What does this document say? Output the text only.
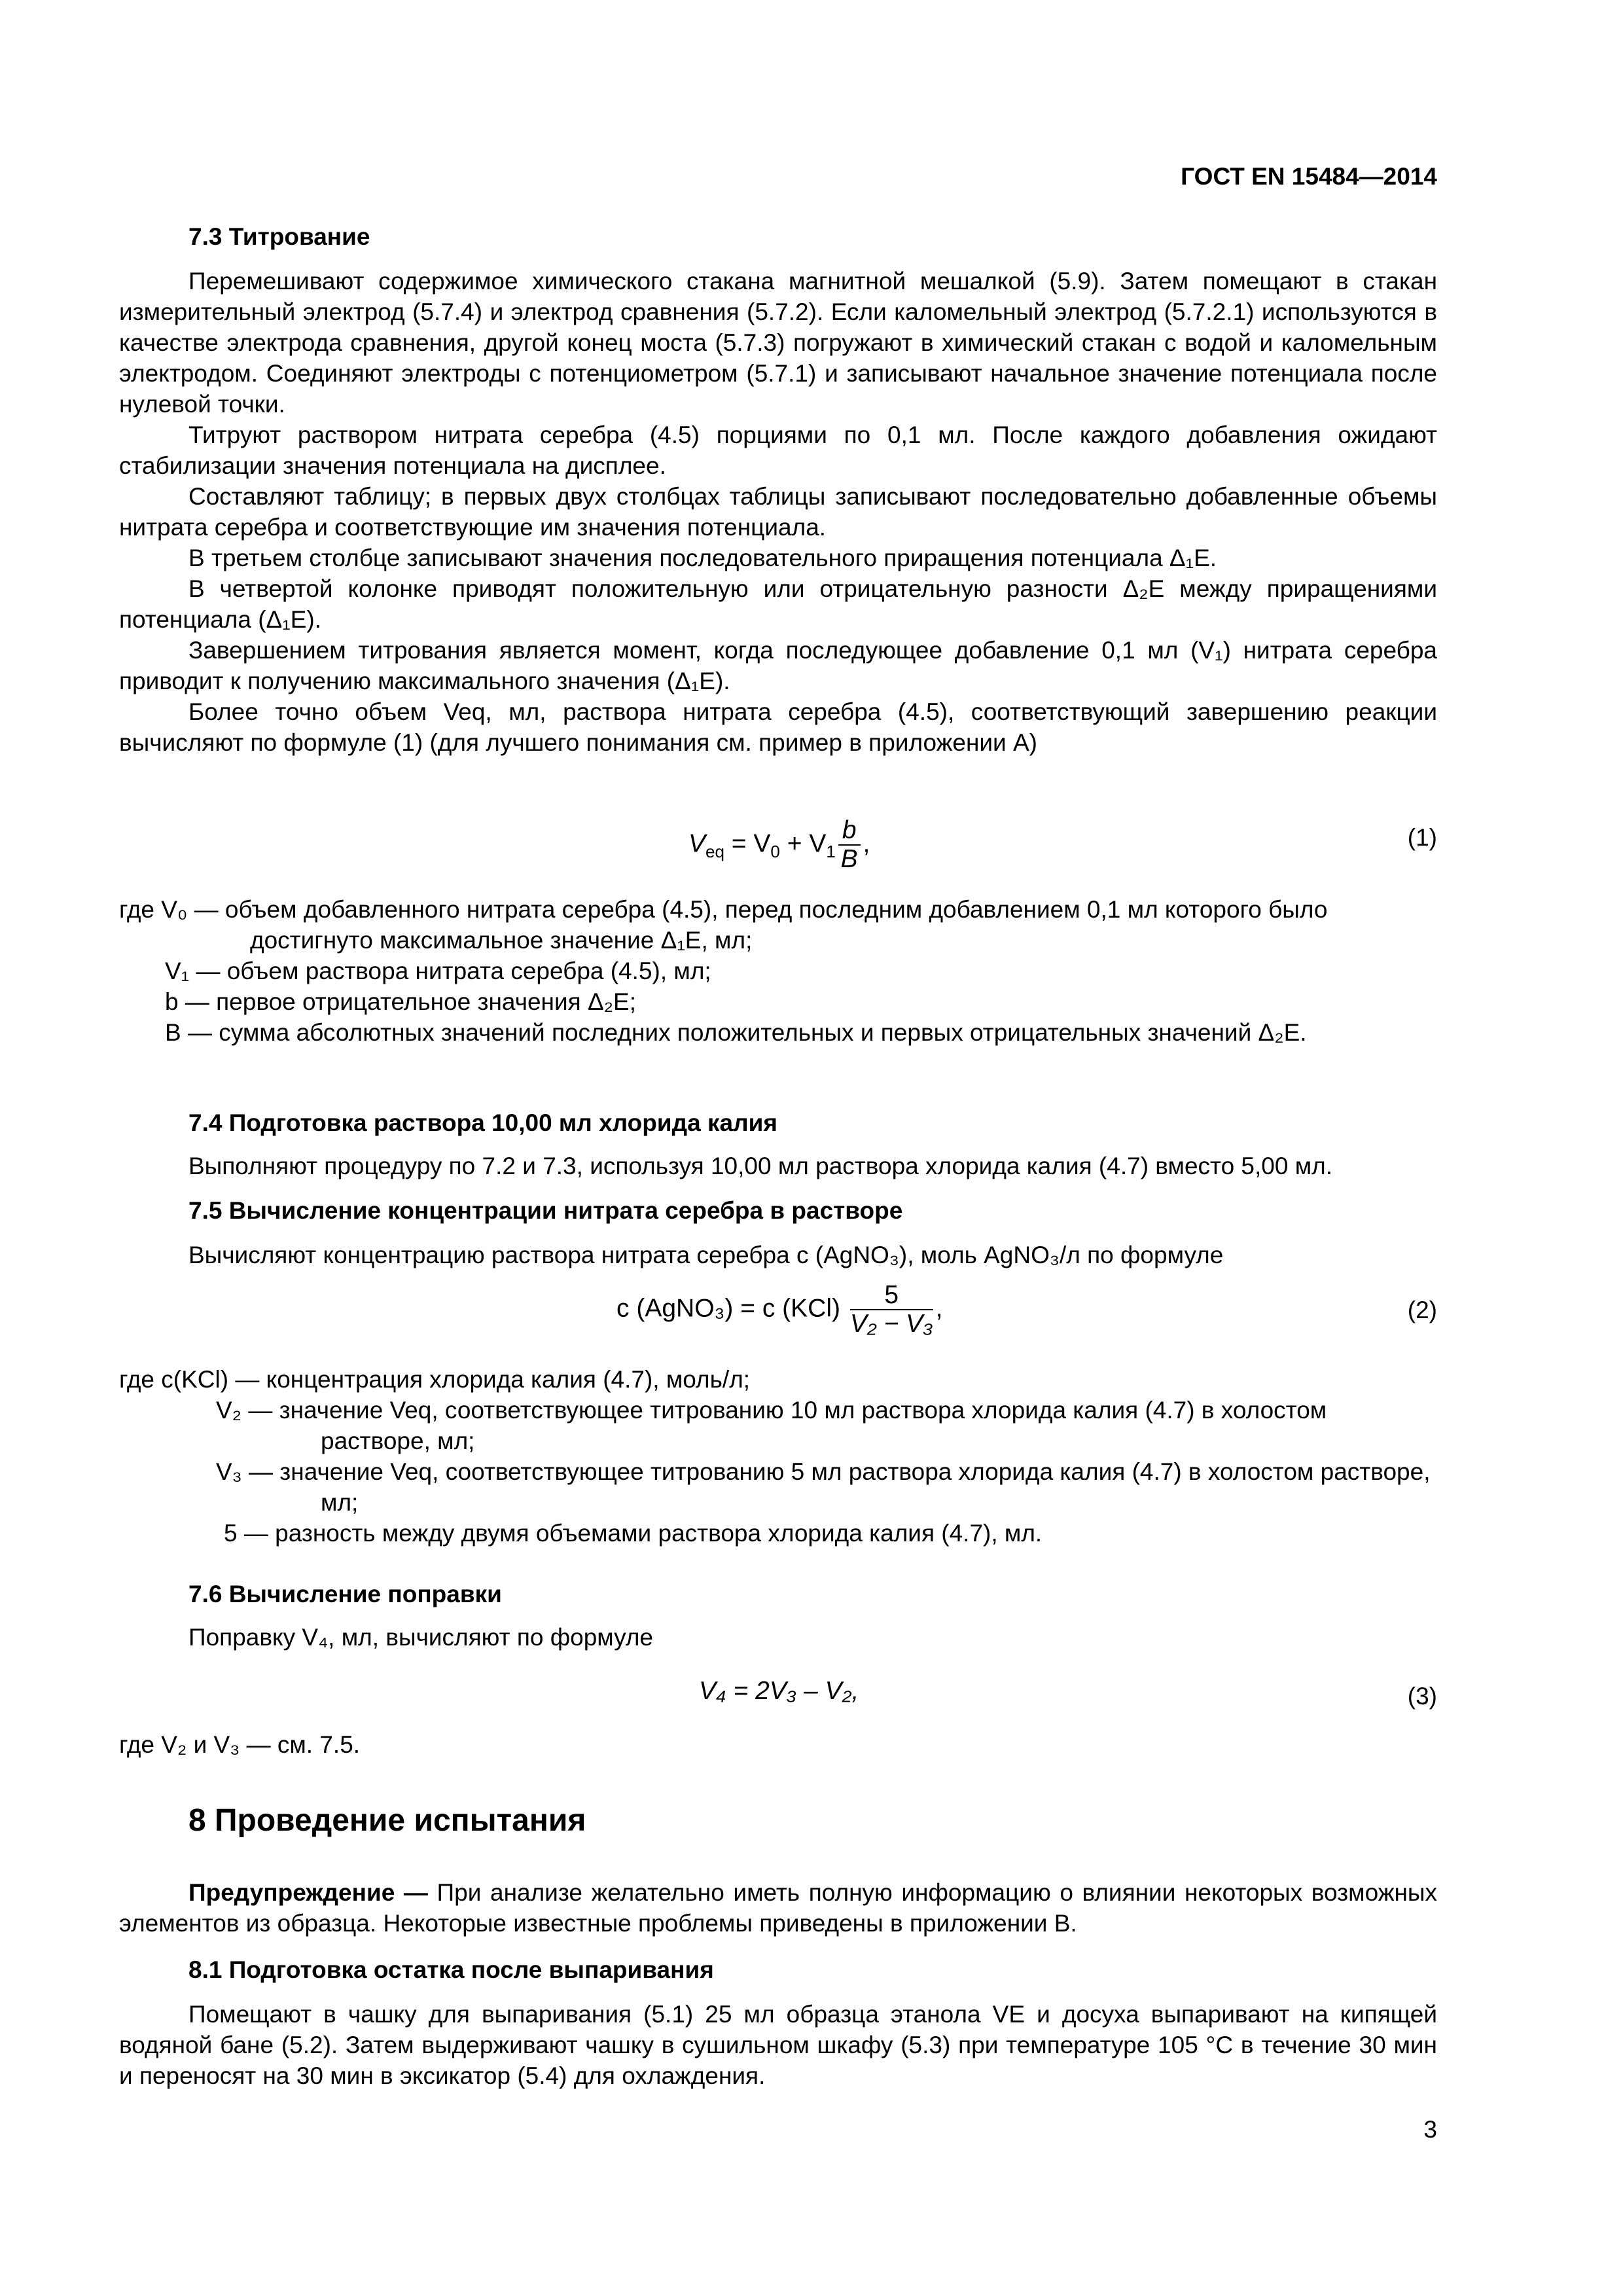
ГОСТ EN 15484—2014
7.3 Титрование

Перемешивают содержимое химического стакана магнитной мешалкой (5.9). Затем помещают в стакан измерительный электрод (5.7.4) и электрод сравнения (5.7.2). Если каломельный электрод (5.7.2.1) используются в качестве электрода сравнения, другой конец моста (5.7.3) погружают в химический стакан с водой и каломельным электродом. Соединяют электроды с потенциометром (5.7.1) и записывают начальное значение потенциала после нулевой точки.

Титруют раствором нитрата серебра (4.5) порциями по 0,1 мл. После каждого добавления ожидают стабилизации значения потенциала на дисплее.

Составляют таблицу; в первых двух столбцах таблицы записывают последовательно добавленные объемы нитрата серебра и соответствующие им значения потенциала.

В третьем столбце записывают значения последовательного приращения потенциала Δ₁E.

В четвертой колонке приводят положительную или отрицательную разности Δ₂E между приращениями потенциала (Δ₁E).

Завершением титрования является момент, когда последующее добавление 0,1 мл (V₁) нитрата серебра приводит к получению максимального значения (Δ₁E).

Более точно объем Veq, мл, раствора нитрата серебра (4.5), соответствующий завершению реакции вычисляют по формуле (1) (для лучшего понимания см. пример в приложении А)

$V_{eq} = V_0 + V_1 \frac{b}{B}$ ,	(1)
где V₀ — объем добавленного нитрата серебра (4.5), перед последним добавлением 0,1 мл которого было достигнуто максимальное значение Δ₁E, мл;
V₁ — объем раствора нитрата серебра (4.5), мл;
b — первое отрицательное значения Δ₂E;
B — сумма абсолютных значений последних положительных и первых отрицательных значений Δ₂E.
7.4 Подготовка раствора 10,00 мл хлорида калия

Выполняют процедуру по 7.2 и 7.3, используя 10,00 мл раствора хлорида калия (4.7) вместо 5,00 мл.

7.5 Вычисление концентрации нитрата серебра в растворе

Вычисляют концентрацию раствора нитрата серебра c (AgNO₃), моль AgNO₃/л по формуле

c (AgNO₃) = c $(KCl) \frac{5}{\text{V₂ − V₃}}$ ,	(2)
где c(KCl) — концентрация хлорида калия (4.7), моль/л;
V₂ — значение Veq, соответствующее титрованию 10 мл раствора хлорида калия (4.7) в холостом растворе, мл;
V₃ — значение Veq, соответствующее титрованию 5 мл раствора хлорида калия (4.7) в холостом растворе, мл;
5 — разность между двумя объемами раствора хлорида калия (4.7), мл.
7.6 Вычисление поправки

Поправку V₄, мл, вычисляют по формуле

V₄ = 2V₃ – V₂,	(3)
где V₂ и V₃ — см. 7.5.
8 Проведение испытания

Предупреждение — При анализе желательно иметь полную информацию о влиянии некоторых возможных элементов из образца. Некоторые известные проблемы приведены в приложении В.

8.1 Подготовка остатка после выпаривания

Помещают в чашку для выпаривания (5.1) 25 мл образца этанола VE и досуха выпаривают на кипящей водяной бане (5.2). Затем выдерживают чашку в сушильном шкафу (5.3) при температуре 105 °С в течение 30 мин и переносят на 30 мин в эксикатор (5.4) для охлаждения.

3
